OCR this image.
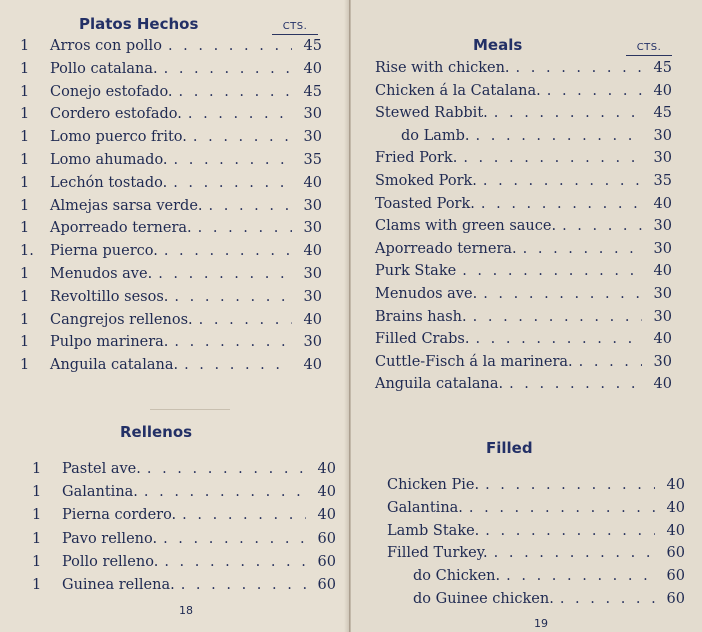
Platos Hechos	CTS.
1	Arros con pollo . . .	45
1	Pollo catalana. . . .	40
1	Conejo estofado. . . .	45
1	Cordero estofado. . . .	30
1	Lomo puerco frito. . . .	30
1	Lomo ahumado. . . .	35
1	Lechón tostado. . . .	40
1	Almejas sarsa verde. . . .	30
1	Aporreado ternera. . . .	30
1.	Pierna puerco. . . .	40
1	Menudos ave. . . .	30
1	Revoltillo sesos. . . .	30
1	Cangrejos rellenos. . . .	40
1	Pulpo marinera. . . .	30
1	Anguila catalana. . . .	40
Rellenos
1	Pastel ave. . . .	40
1	Galantina. . . .	40
1	Pierna cordero. . . .	40
1	Pavo relleno. . . .	60
1	Pollo relleno. . . .	60
1	Guinea rellena. . . .	60
18
Meals	CTS.
Rise with chicken. . . .	45
Chicken á la Catalana. . . .	40
Stewed Rabbit. . . .	45
do Lamb. . . .	30
Fried Pork. . . .	30
Smoked Pork. . . .	35
Toasted Pork. . . .	40
Clams with green sauce. . . .	30
Aporreado ternera. . . .	30
Purk Stake . . .	40
Menudos ave. . . .	30
Brains hash. . . .	30
Filled Crabs. . . .	40
Cuttle-Fisch á la marinera. . . .	30
Anguila catalana. . . .	40
Filled
Chicken Pie. . . .	40
Galantina. . . .	40
Lamb Stake. . . .	40
Filled Turkey. . . .	60
do Chicken. . . .	60
do Guinee chicken. . . .	60
19
